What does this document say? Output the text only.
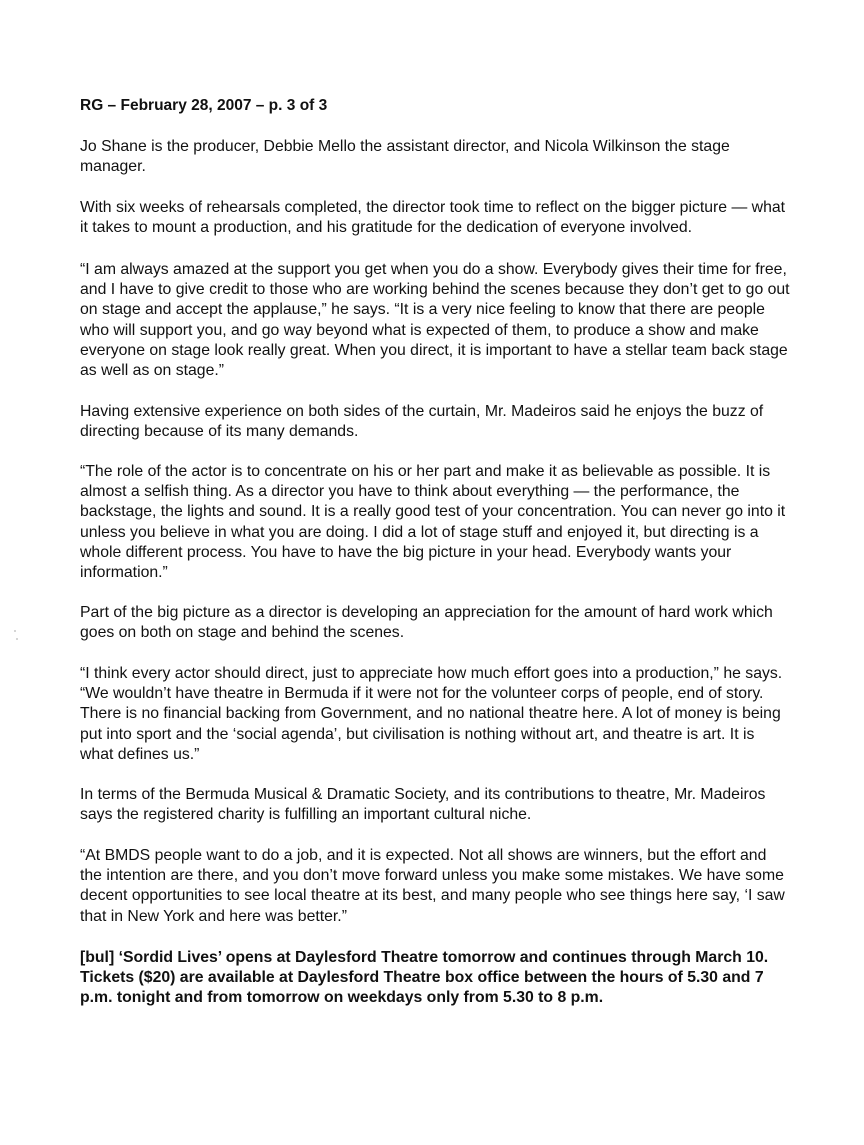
RG – February 28, 2007 – p. 3 of 3

Jo Shane is the producer, Debbie Mello the assistant director, and Nicola Wilkinson the stage manager.

With six weeks of rehearsals completed, the director took time to reflect on the bigger picture — what it takes to mount a production, and his gratitude for the dedication of everyone involved.

“I am always amazed at the support you get when you do a show. Everybody gives their time for free, and I have to give credit to those who are working behind the scenes because they don’t get to go out on stage and accept the applause,” he says. “It is a very nice feeling to know that there are people who will support you, and go way beyond what is expected of them, to produce a show and make everyone on stage look really great. When you direct, it is important to have a stellar team back stage as well as on stage.”

Having extensive experience on both sides of the curtain, Mr. Madeiros said he enjoys the buzz of directing because of its many demands.

“The role of the actor is to concentrate on his or her part and make it as believable as possible. It is almost a selfish thing. As a director you have to think about everything — the performance, the backstage, the lights and sound. It is a really good test of your concentration. You can never go into it unless you believe in what you are doing. I did a lot of stage stuff and enjoyed it, but directing is a whole different process. You have to have the big picture in your head. Everybody wants your information.”

Part of the big picture as a director is developing an appreciation for the amount of hard work which goes on both on stage and behind the scenes.

“I think every actor should direct, just to appreciate how much effort goes into a production,” he says. “We wouldn’t have theatre in Bermuda if it were not for the volunteer corps of people, end of story. There is no financial backing from Government, and no national theatre here. A lot of money is being put into sport and the ‘social agenda’, but civilisation is nothing without art, and theatre is art. It is what defines us.”

In terms of the Bermuda Musical & Dramatic Society, and its contributions to theatre, Mr. Madeiros says the registered charity is fulfilling an important cultural niche.

“At BMDS people want to do a job, and it is expected. Not all shows are winners, but the effort and the intention are there, and you don’t move forward unless you make some mistakes. We have some decent opportunities to see local theatre at its best, and many people who see things here say, ‘I saw that in New York and here was better.”

[bul] ‘Sordid Lives’ opens at Daylesford Theatre tomorrow and continues through March 10. Tickets ($20) are available at Daylesford Theatre box office between the hours of 5.30 and 7 p.m. tonight and from tomorrow on weekdays only from 5.30 to 8 p.m.
